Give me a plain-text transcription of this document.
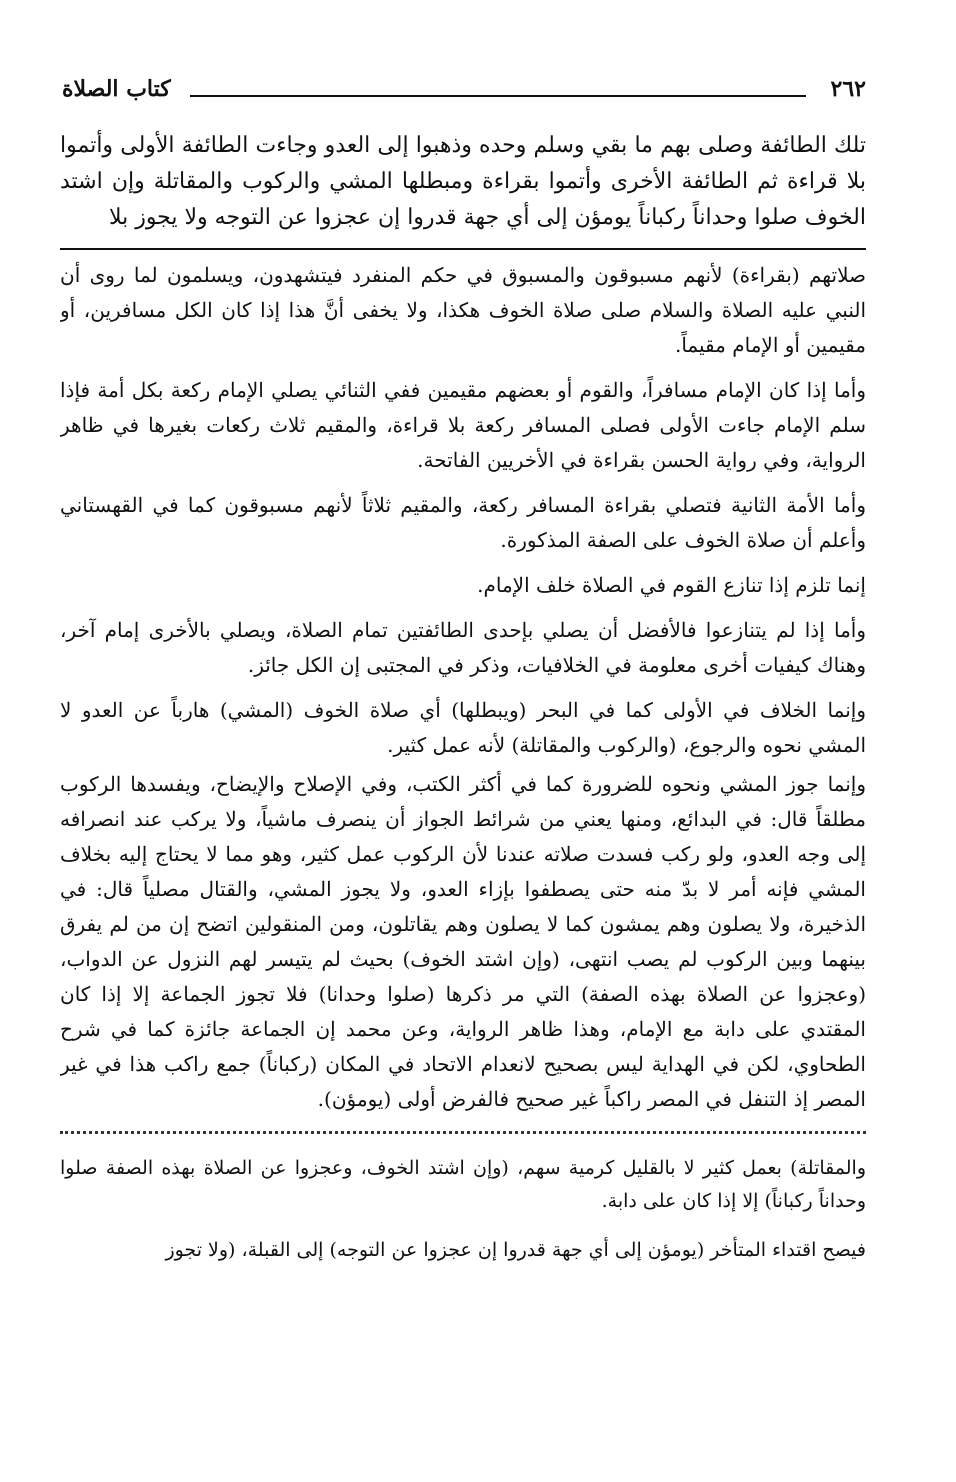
٢٦٢
كتاب الصلاة

تلك الطائفة وصلى بهم ما بقي وسلم وحده وذهبوا إلى العدو وجاءت الطائفة الأولى وأتموا بلا قراءة ثم الطائفة الأخرى وأتموا بقراءة ومبطلها المشي والركوب والمقاتلة وإن اشتد الخوف صلوا وحداناً ركباناً يومؤن إلى أي جهة قدروا إن عجزوا عن التوجه ولا يجوز بلا

صلاتهم (بقراءة) لأنهم مسبوقون والمسبوق في حكم المنفرد فيتشهدون، ويسلمون لما روى أن النبي عليه الصلاة والسلام صلى صلاة الخوف هكذا، ولا يخفى أنَّ هذا إذا كان الكل مسافرين، أو مقيمين أو الإمام مقيماً.

وأما إذا كان الإمام مسافراً، والقوم أو بعضهم مقيمين ففي الثنائي يصلي الإمام ركعة بكل أمة فإذا سلم الإمام جاءت الأولى فصلى المسافر ركعة بلا قراءة، والمقيم ثلاث ركعات بغيرها في ظاهر الرواية، وفي رواية الحسن بقراءة في الأخريين الفاتحة.

وأما الأمة الثانية فتصلي بقراءة المسافر ركعة، والمقيم ثلاثاً لأنهم مسبوقون كما في القهستاني وأعلم أن صلاة الخوف على الصفة المذكورة.

إنما تلزم إذا تنازع القوم في الصلاة خلف الإمام.

وأما إذا لم يتنازعوا فالأفضل أن يصلي بإحدى الطائفتين تمام الصلاة، ويصلي بالأخرى إمام آخر، وهناك كيفيات أخرى معلومة في الخلافيات، وذكر في المجتبى إن الكل جائز.

وإنما الخلاف في الأولى كما في البحر (ويبطلها) أي صلاة الخوف (المشي) هارباً عن العدو لا المشي نحوه والرجوع، (والركوب والمقاتلة) لأنه عمل كثير.

وإنما جوز المشي ونحوه للضرورة كما في أكثر الكتب، وفي الإصلاح والإيضاح، ويفسدها الركوب مطلقاً قال: في البدائع، ومنها يعني من شرائط الجواز أن ينصرف ماشياً، ولا يركب عند انصرافه إلى وجه العدو، ولو ركب فسدت صلاته عندنا لأن الركوب عمل كثير، وهو مما لا يحتاج إليه بخلاف المشي فإنه أمر لا بدّ منه حتى يصطفوا بإزاء العدو، ولا يجوز المشي، والقتال مصلياً قال: في الذخيرة، ولا يصلون وهم يمشون كما لا يصلون وهم يقاتلون، ومن المنقولين اتضح إن من لم يفرق بينهما وبين الركوب لم يصب انتهى، (وإن اشتد الخوف) بحيث لم يتيسر لهم النزول عن الدواب، (وعجزوا عن الصلاة بهذه الصفة) التي مر ذكرها (صلوا وحدانا) فلا تجوز الجماعة إلا إذا كان المقتدي على دابة مع الإمام، وهذا ظاهر الرواية، وعن محمد إن الجماعة جائزة كما في شرح الطحاوي، لكن في الهداية ليس بصحيح لانعدام الاتحاد في المكان (ركباناً) جمع راكب هذا في غير المصر إذ التنفل في المصر راكباً غير صحيح فالفرض أولى (يومؤن).

والمقاتلة) بعمل كثير لا بالقليل كرمية سهم، (وإن اشتد الخوف، وعجزوا عن الصلاة بهذه الصفة صلوا وحداناً ركباناً) إلا إذا كان على دابة.

فيصح اقتداء المتأخر (يومؤن إلى أي جهة قدروا إن عجزوا عن التوجه) إلى القبلة، (ولا تجوز
